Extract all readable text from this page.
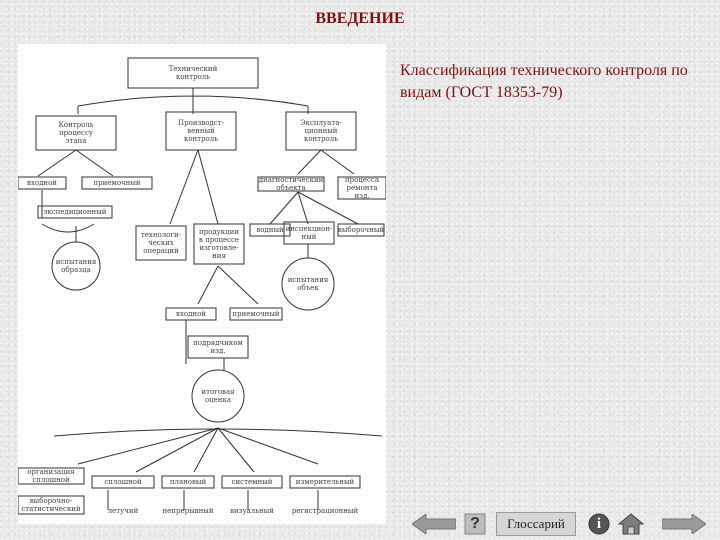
ВВЕДЕНИЕ
Классификация технического контроля по видам (ГОСТ 18353-79)
Технический
контроль
Контроль
процессу
этапа
Производст-
венный
контроль
Эксплуата-
ционный
контроль
входной	приемочный
экспедиционный
испытания
образца
технологи-
ческих
операций
продукции
в процессе
изготовле-
ния
диагностический
объекта
процесса
ремонта
изд.
водный инспекцион-
ный
выборочный
испытания
объек
входной	приемочный
подрядчиком
изд.
итоговая
оценка
организация
сплошной
выборочно-
статистический
сплошной
летучий
плановый
непрерывный
системный
визуальный
измерительный
регистрационный
?	Глоссарий	i
